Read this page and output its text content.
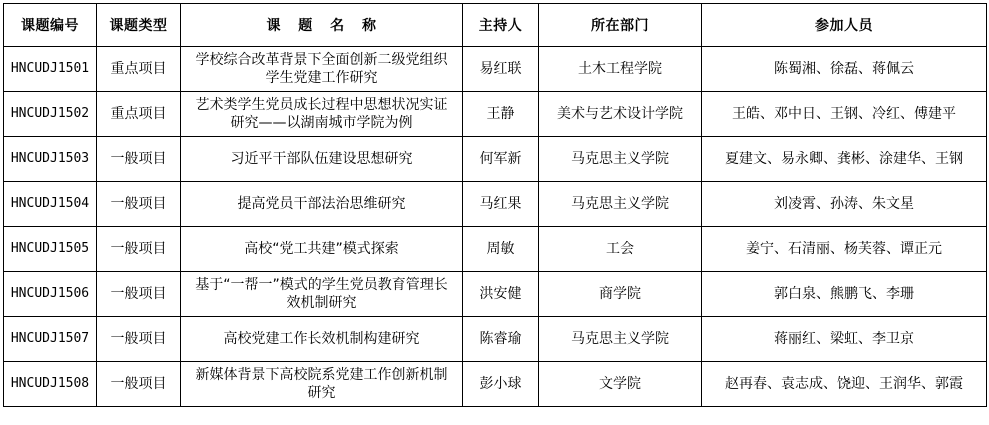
课题编号	课题类型	课 题 名 称	主持人	所在部门	参加人员
HNCUDJ1501	重点项目	学校综合改革背景下全面创新二级党组织学生党建工作研究	易红联	土木工程学院	陈蜀湘、徐磊、蒋佩云
HNCUDJ1502	重点项目	艺术类学生党员成长过程中思想状况实证研究——以湖南城市学院为例	王静	美术与艺术设计学院	王皓、邓中日、王钢、冷红、傅建平
HNCUDJ1503	一般项目	习近平干部队伍建设思想研究	何军新	马克思主义学院	夏建文、易永卿、龚彬、涂建华、王钢
HNCUDJ1504	一般项目	提高党员干部法治思维研究	马红果	马克思主义学院	刘凌霄、孙涛、朱文星
HNCUDJ1505	一般项目	高校“党工共建”模式探索	周敏	工会	姜宁、石清丽、杨芙蓉、谭正元
HNCUDJ1506	一般项目	基于“一帮一”模式的学生党员教育管理长效机制研究	洪安健	商学院	郭白泉、熊鹏飞、李珊
HNCUDJ1507	一般项目	高校党建工作长效机制构建研究	陈睿瑜	马克思主义学院	蒋丽红、梁虹、李卫京
HNCUDJ1508	一般项目	新媒体背景下高校院系党建工作创新机制研究	彭小球	文学院	赵再春、袁志成、饶迎、王润华、郭霞
